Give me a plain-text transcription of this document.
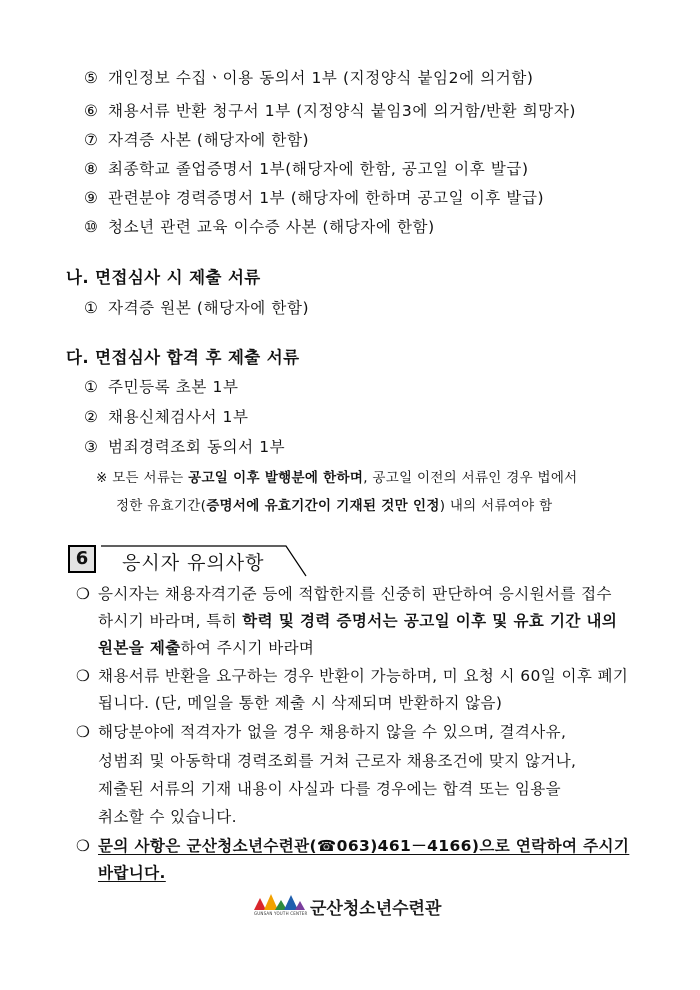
⑤ 개인정보 수집ㆍ이용 동의서 1부 (지정양식 붙임2에 의거함)
⑥ 채용서류 반환 청구서 1부 (지정양식 붙임3에 의거함/반환 희망자)
⑦ 자격증 사본 (해당자에 한함)
⑧ 최종학교 졸업증명서 1부(해당자에 한함, 공고일 이후 발급)
⑨ 관련분야 경력증명서 1부 (해당자에 한하며 공고일 이후 발급)
⑩ 청소년 관련 교육 이수증 사본 (해당자에 한함)
나. 면접심사 시 제출 서류
① 자격증 원본 (해당자에 한함)
다. 면접심사 합격 후 제출 서류
① 주민등록 초본 1부
② 채용신체검사서 1부
③ 범죄경력조회 동의서 1부
※ 모든 서류는 공고일 이후 발행분에 한하며, 공고일 이전의 서류인 경우 법에서
정한 유효기간(증명서에 유효기간이 기재된 것만 인정) 내의 서류여야 함
6	응시자 유의사항
❍ 응시자는 채용자격기준 등에 적합한지를 신중히 판단하여 응시원서를 접수
하시기 바라며, 특히 학력 및 경력 증명서는 공고일 이후 및 유효 기간 내의
원본을 제출하여 주시기 바라며
❍ 채용서류 반환을 요구하는 경우 반환이 가능하며, 미 요청 시 60일 이후 폐기
됩니다. (단, 메일을 통한 제출 시 삭제되며 반환하지 않음)
❍ 해당분야에 적격자가 없을 경우 채용하지 않을 수 있으며, 결격사유,
성범죄 및 아동학대 경력조회를 거쳐 근로자 채용조건에 맞지 않거나,
제출된 서류의 기재 내용이 사실과 다를 경우에는 합격 또는 임용을
취소할 수 있습니다.
❍ 문의 사항은 군산청소년수련관(☎063)461－4166)으로 연락하여 주시기
바랍니다.
GUNSAN YOUTH CENTER 군산청소년수련관
